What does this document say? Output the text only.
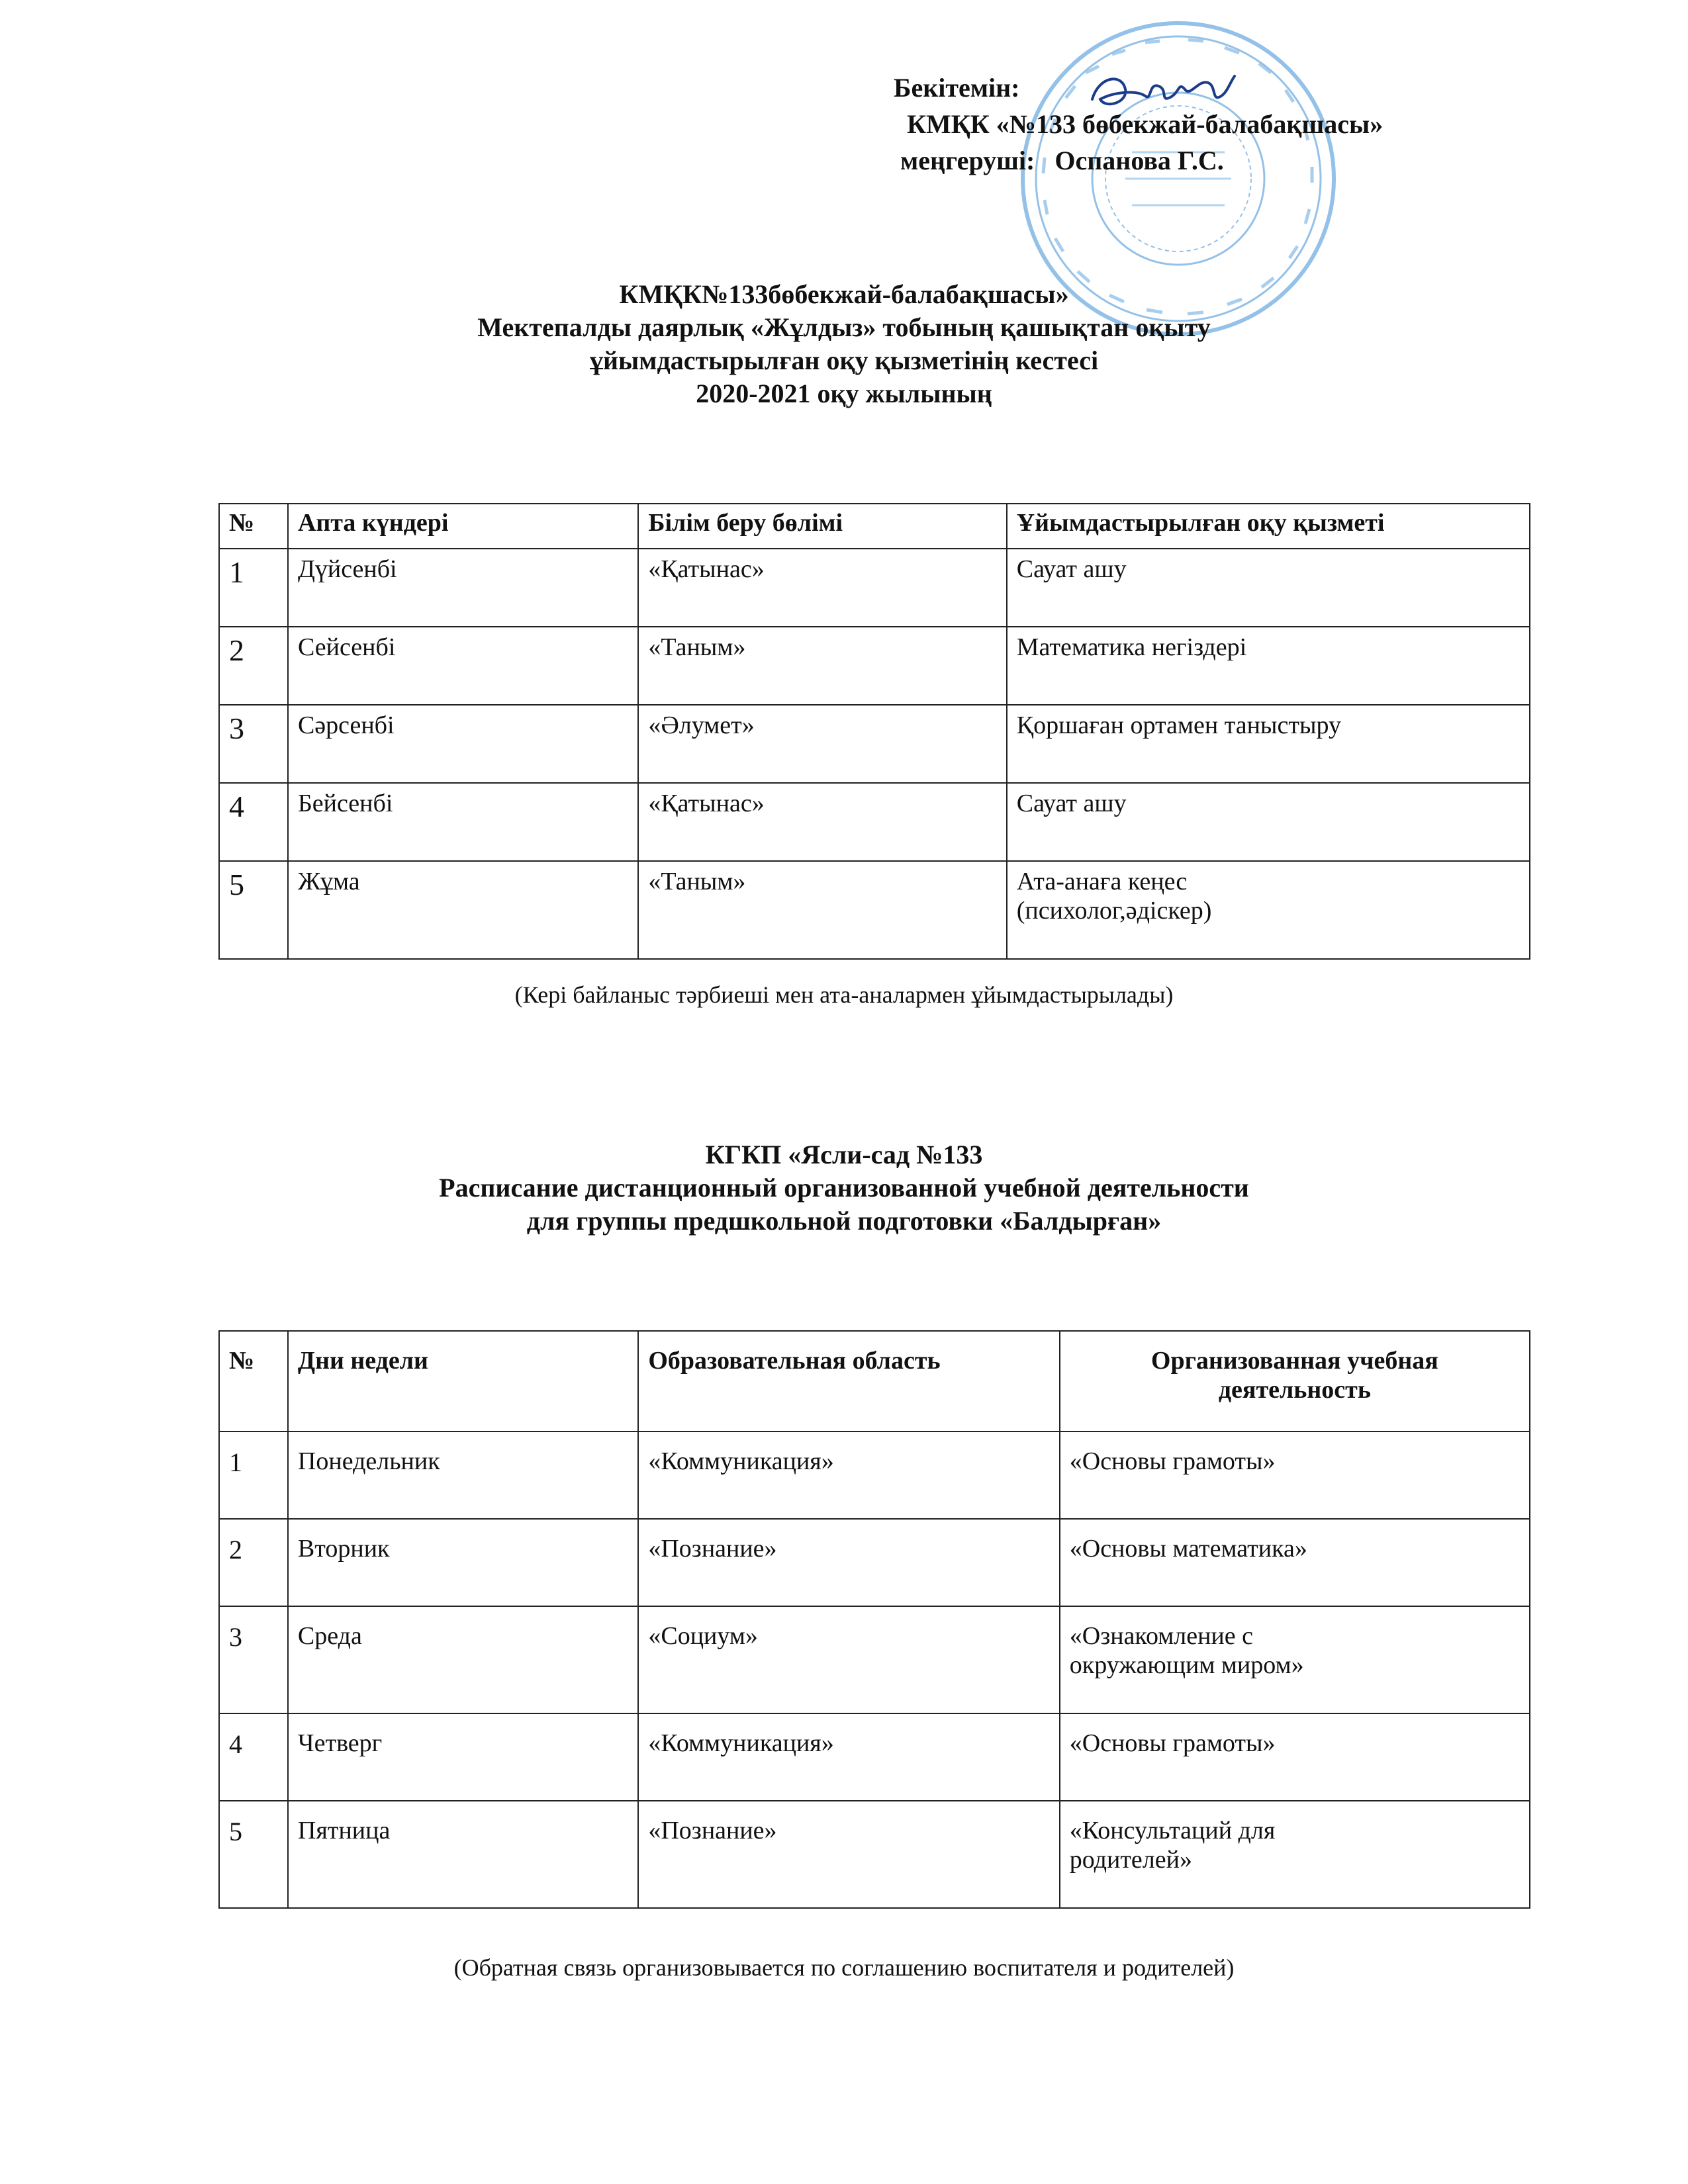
Бекітемін:
КМҚК «№133 бөбекжай-балабақшасы»
меңгеруші: Оспанова Г.С.
КМҚК№133бөбекжай-балабақшасы»
Мектепалды даярлық «Жұлдыз» тобының қашықтан оқыту
ұйымдастырылған оқу қызметінің кестесі
2020-2021 оқу жылының
№	Апта күндері	Білім беру бөлімі	Ұйымдастырылған оқу қызметі
1	Дүйсенбі	«Қатынас»	Сауат ашу
2	Сейсенбі	«Таным»	Математика негіздері
3	Сәрсенбі	«Әлумет»	Қоршаған ортамен таныстыру
4	Бейсенбі	«Қатынас»	Сауат ашу
5	Жұма	«Таным»	Ата-анаға кеңес
(психолог,әдіскер)
(Кері байланыс тәрбиеші мен ата-аналармен ұйымдастырылады)
КГКП «Ясли-сад №133
Расписание дистанционный организованной учебной деятельности
для группы предшкольной подготовки «Балдырған»
№	Дни недели	Образовательная область	Организованная учебная
деятельность

1	Понедельник	«Коммуникация»	«Основы грамоты»
2	Вторник	«Познание»	«Основы математика»
3	Среда	«Социум»	«Ознакомление с
окружающим миром»

4	Четверг	«Коммуникация»	«Основы грамоты»
5	Пятница	«Познание»	«Консультаций для
родителей»
(Обратная связь организовывается по соглашению воспитателя и родителей)
